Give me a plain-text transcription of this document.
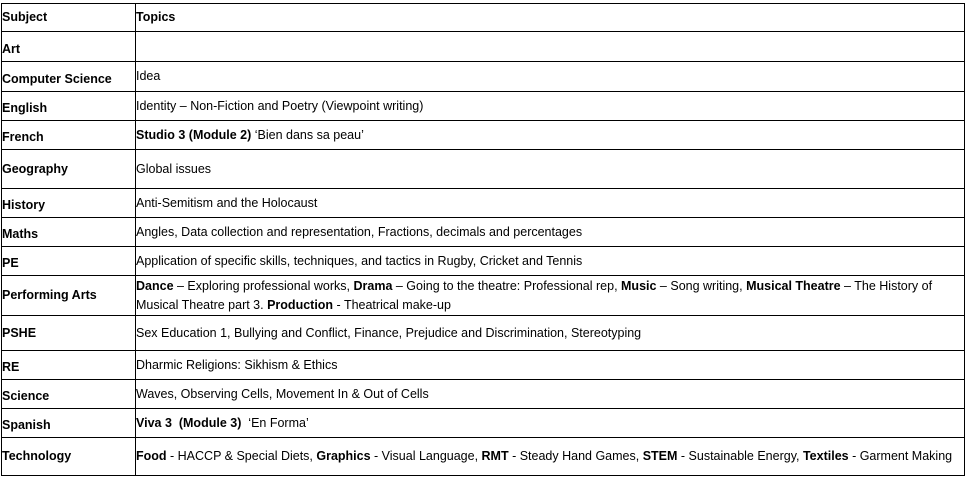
Subject	Topics
Art	
Computer Science	Idea
English	Identity – Non-Fiction and Poetry (Viewpoint writing)
French	Studio 3 (Module 2) ‘Bien dans sa peau’
Geography	Global issues
History	Anti-Semitism and the Holocaust
Maths	Angles, Data collection and representation, Fractions, decimals and percentages
PE	Application of specific skills, techniques, and tactics in Rugby, Cricket and Tennis
Performing Arts	Dance – Exploring professional works, Drama – Going to the theatre: Professional rep, Music – Song writing, Musical Theatre – The History of Musical Theatre part 3. Production - Theatrical make-up
PSHE	Sex Education 1, Bullying and Conflict, Finance, Prejudice and Discrimination, Stereotyping
RE	Dharmic Religions: Sikhism & Ethics
Science	Waves, Observing Cells, Movement In & Out of Cells
Spanish	Viva 3  (Module 3)  ‘En Forma’
Technology	Food - HACCP & Special Diets, Graphics - Visual Language, RMT - Steady Hand Games, STEM - Sustainable Energy, Textiles - Garment Making
